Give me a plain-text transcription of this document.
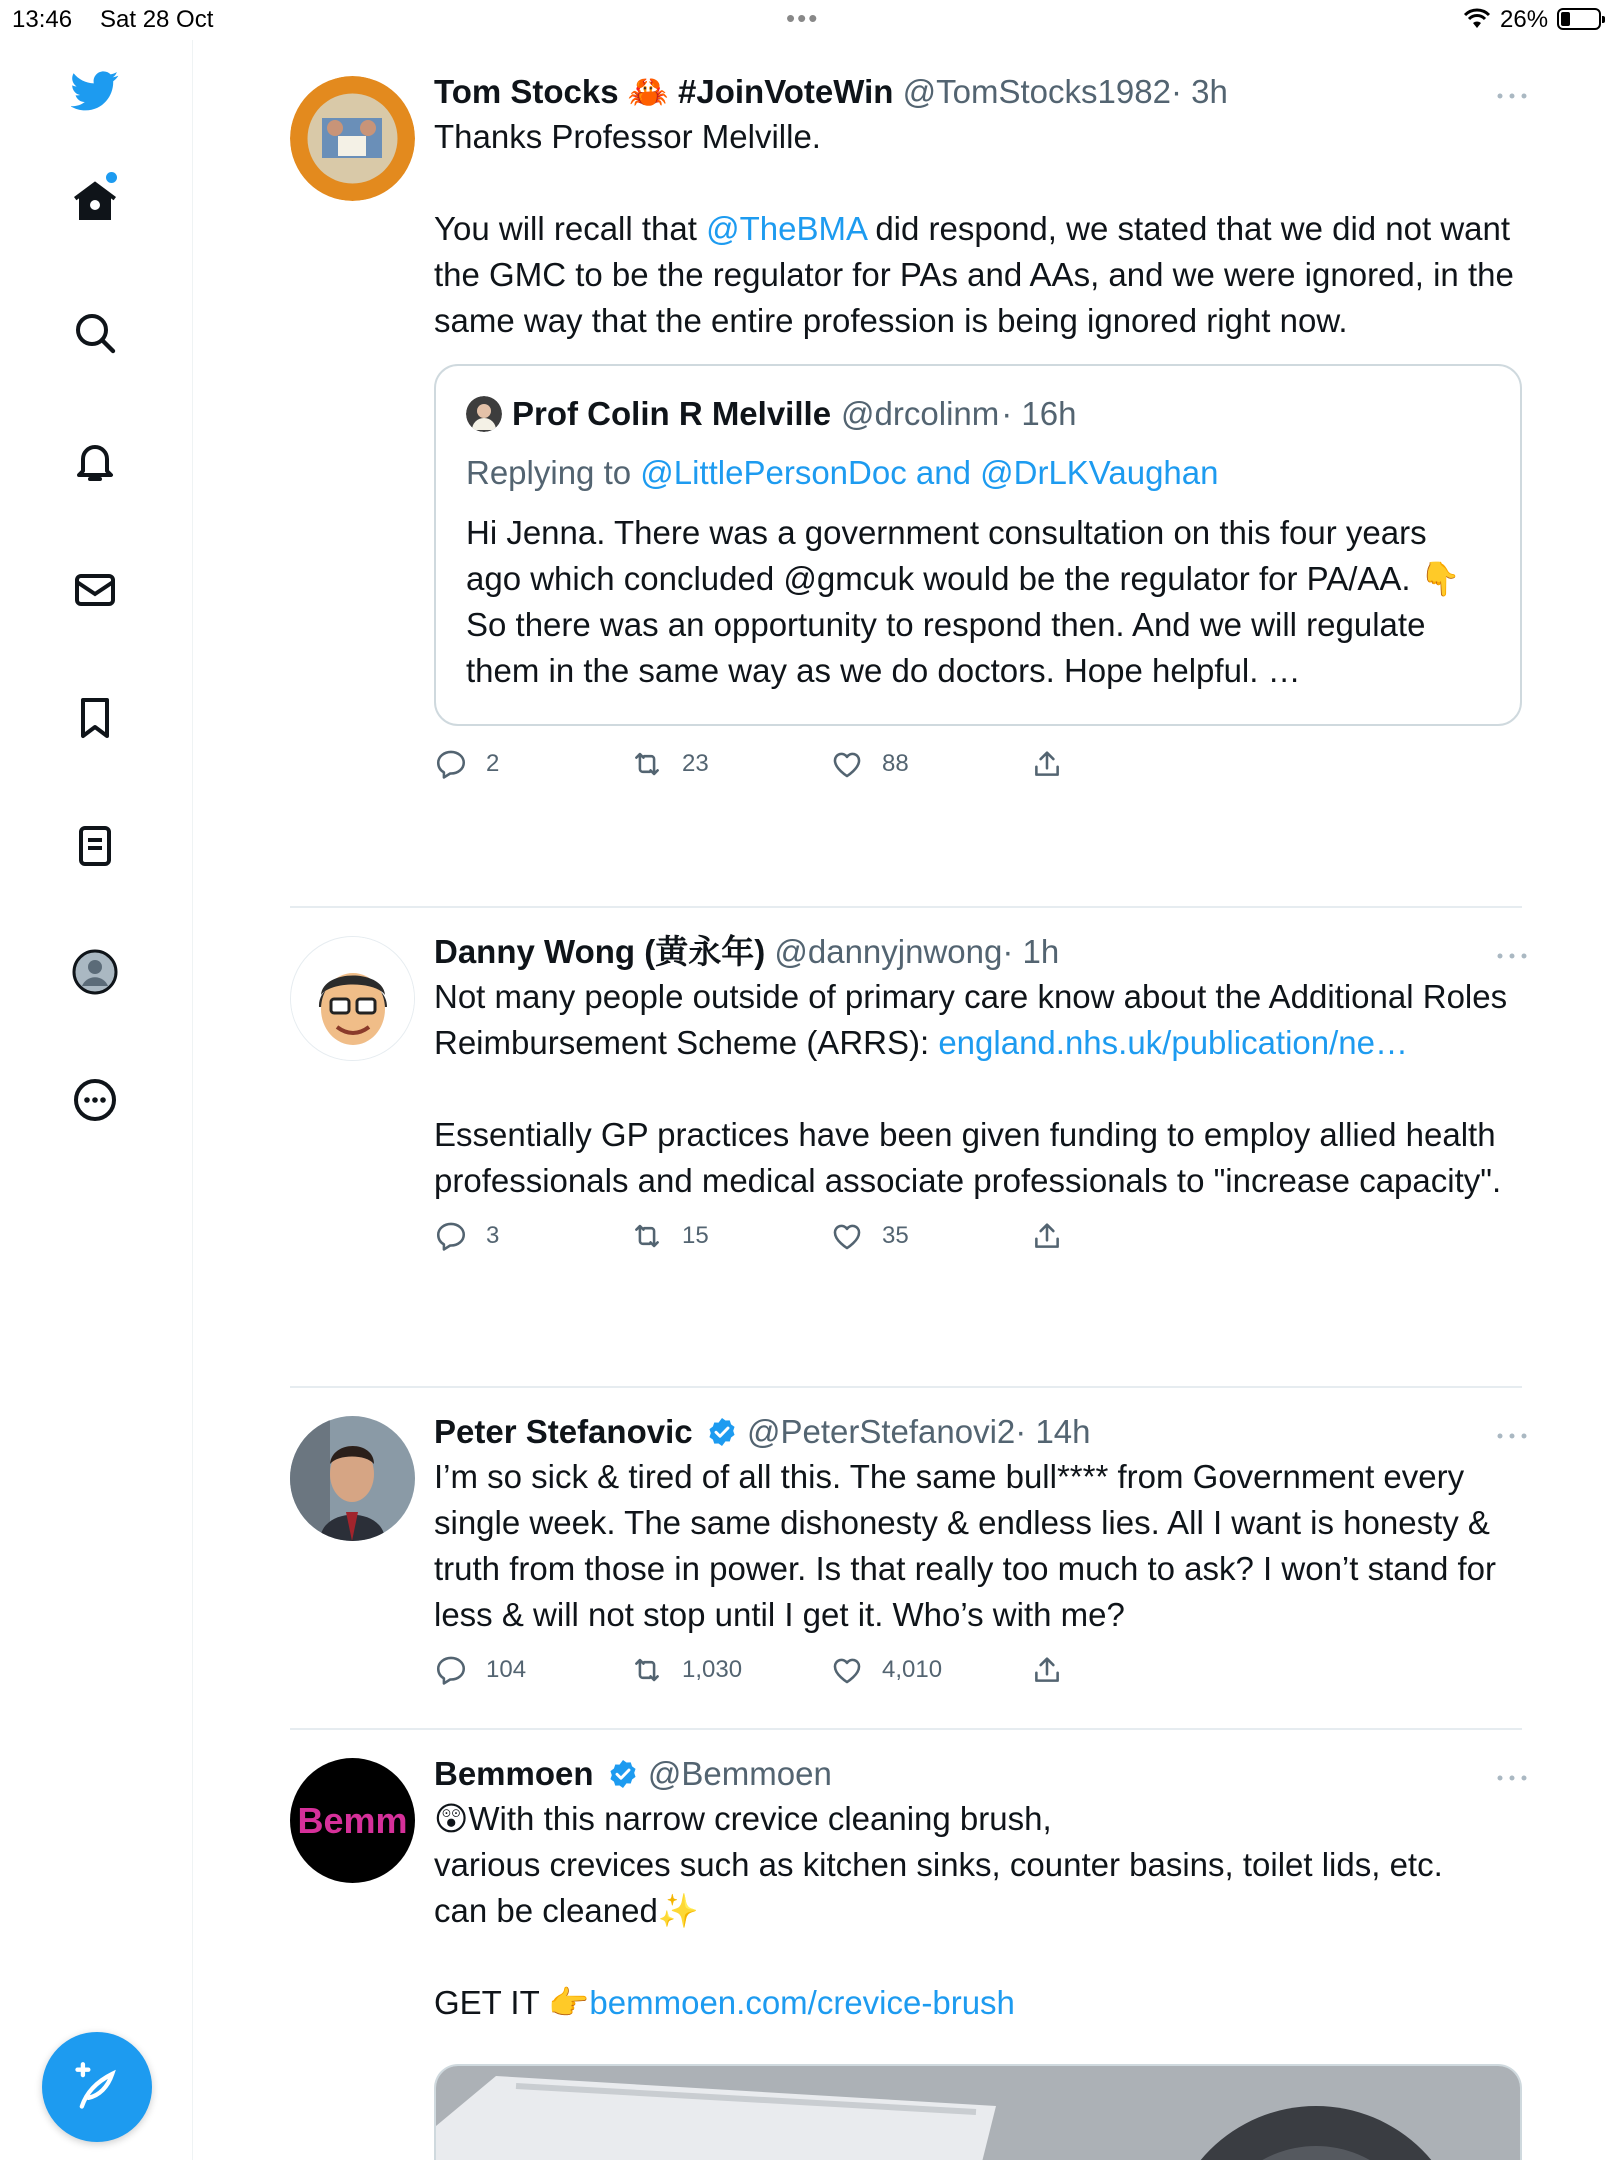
13:46 Sat 28 Oct	•••	26%
Tom Stocks 🦀 #JoinVoteWin @TomStocks1982· 3h

Thanks Professor Melville.

You will recall that @TheBMA did respond, we stated that we did not want the GMC to be the regulator for PAs and AAs, and we were ignored, in the same way that the entire profession is being ignored right now.

Prof Colin R Melville @drcolinm · 16h
Replying to @LittlePersonDoc and @DrLKVaughan

Hi Jenna. There was a government consultation on this four years ago which concluded @gmcuk would be the regulator for PA/AA. 👇

So there was an opportunity to respond then. And we will regulate them in the same way as we do doctors. Hope helpful. …

2	23	88
Danny Wong (黄永年) @dannyjnwong· 1h

Not many people outside of primary care know about the Additional Roles Reimbursement Scheme (ARRS): england.nhs.uk/publication/ne…

Essentially GP practices have been given funding to employ allied health professionals and medical associate professionals to "increase capacity".

3	15	35
Peter Stefanovic @PeterStefanovi2· 14h

I’m so sick & tired of all this. The same bull**** from Government every single week. The same dishonesty & endless lies. All I want is honesty & truth from those in power. Is that really too much to ask? I won’t stand for less & will not stop until I get it. Who’s with me?

104	1,030	4,010
Bemm
Bemmoen @Bemmoen

😲With this narrow crevice cleaning brush,

various crevices such as kitchen sinks, counter basins, toilet lids, etc.

can be cleaned✨

GET IT 👉bemmoen.com/crevice-brush
